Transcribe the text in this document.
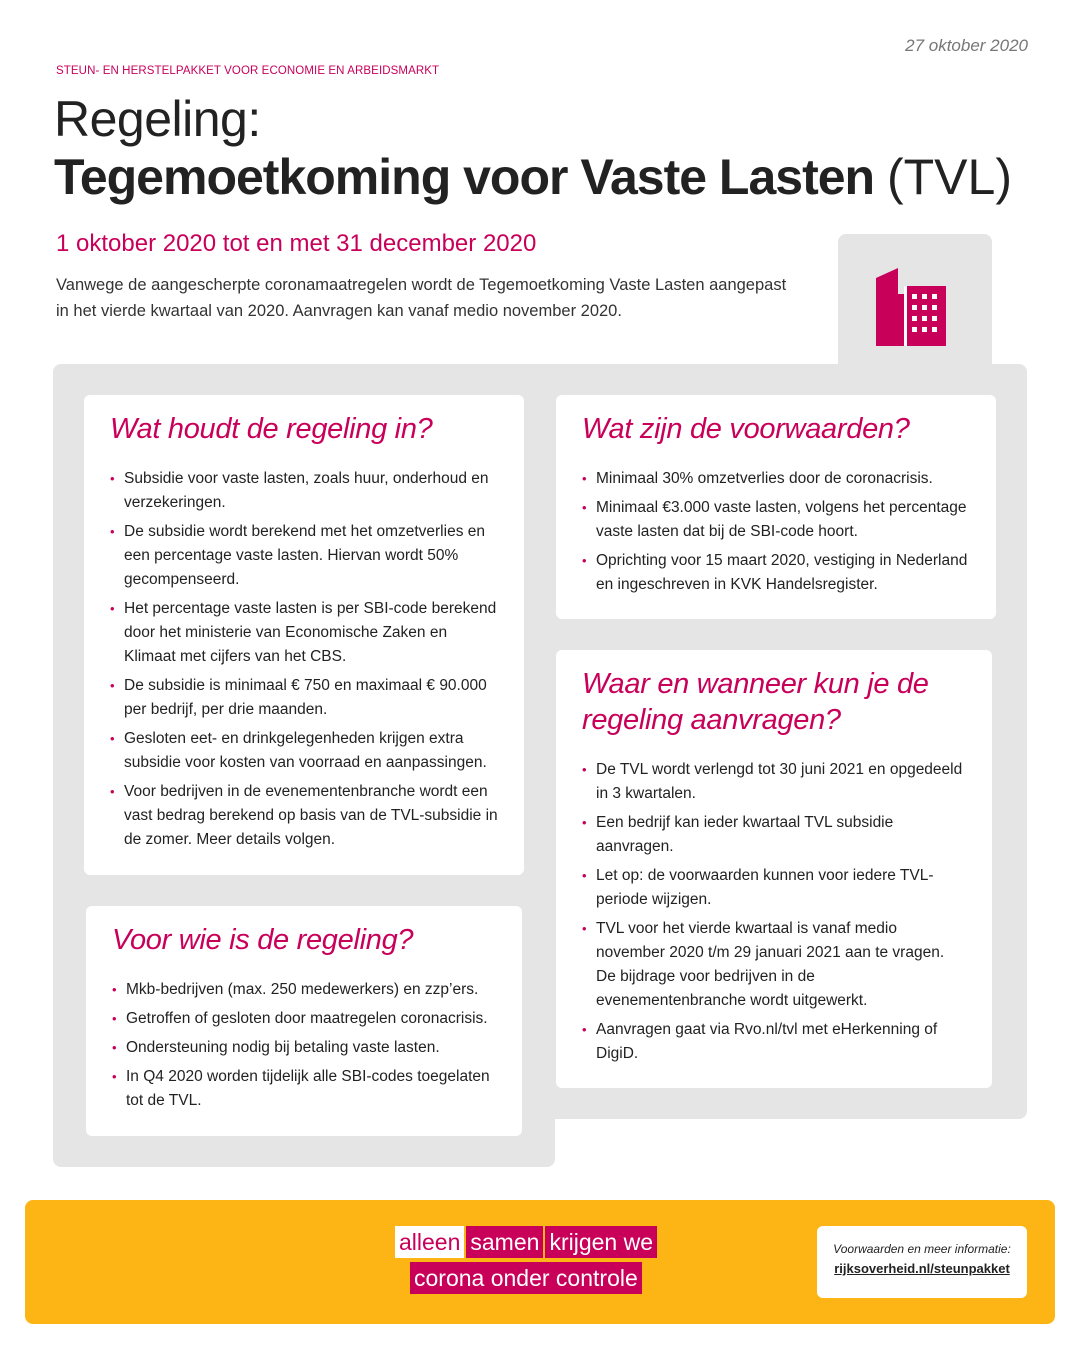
27 oktober 2020
STEUN- EN HERSTELPAKKET VOOR ECONOMIE EN ARBEIDSMARKT
Regeling:
Tegemoetkoming voor Vaste Lasten (TVL)
1 oktober 2020 tot en met 31 december 2020
Vanwege de aangescherpte coronamaatregelen wordt de Tegemoetkoming Vaste Lasten aangepast in het vierde kwartaal van 2020. Aanvragen kan vanaf medio november 2020.
Wat houdt de regeling in?
• Subsidie voor vaste lasten, zoals huur, onderhoud en verzekeringen.
• De subsidie wordt berekend met het omzetverlies en een percentage vaste lasten. Hiervan wordt 50% gecompenseerd.
• Het percentage vaste lasten is per SBI-code berekend door het ministerie van Economische Zaken en Klimaat met cijfers van het CBS.
• De subsidie is minimaal € 750 en maximaal € 90.000 per bedrijf, per drie maanden.
• Gesloten eet- en drinkgelegenheden krijgen extra subsidie voor kosten van voorraad en aanpassingen.
• Voor bedrijven in de evenementenbranche wordt een vast bedrag berekend op basis van de TVL-subsidie in de zomer. Meer details volgen.
Voor wie is de regeling?
• Mkb-bedrijven (max. 250 medewerkers) en zzp’ers.
• Getroffen of gesloten door maatregelen coronacrisis.
• Ondersteuning nodig bij betaling vaste lasten.
• In Q4 2020 worden tijdelijk alle SBI-codes toegelaten tot de TVL.
Wat zijn de voorwaarden?
• Minimaal 30% omzetverlies door de coronacrisis.
• Minimaal €3.000 vaste lasten, volgens het percentage vaste lasten dat bij de SBI-code hoort.
• Oprichting voor 15 maart 2020, vestiging in Nederland en ingeschreven in KVK Handelsregister.
Waar en wanneer kun je de regeling aanvragen?
• De TVL wordt verlengd tot 30 juni 2021 en opgedeeld in 3 kwartalen.
• Een bedrijf kan ieder kwartaal TVL subsidie aanvragen.
• Let op: de voorwaarden kunnen voor iedere TVL-periode wijzigen.
• TVL voor het vierde kwartaal is vanaf medio november 2020 t/m 29 januari 2021 aan te vragen. De bijdrage voor bedrijven in de evenementenbranche wordt uitgewerkt.
• Aanvragen gaat via Rvo.nl/tvl met eHerkenning of DigiD.
alleen samen krijgen we
corona onder controle
Voorwaarden en meer informatie:
rijksoverheid.nl/steunpakket
